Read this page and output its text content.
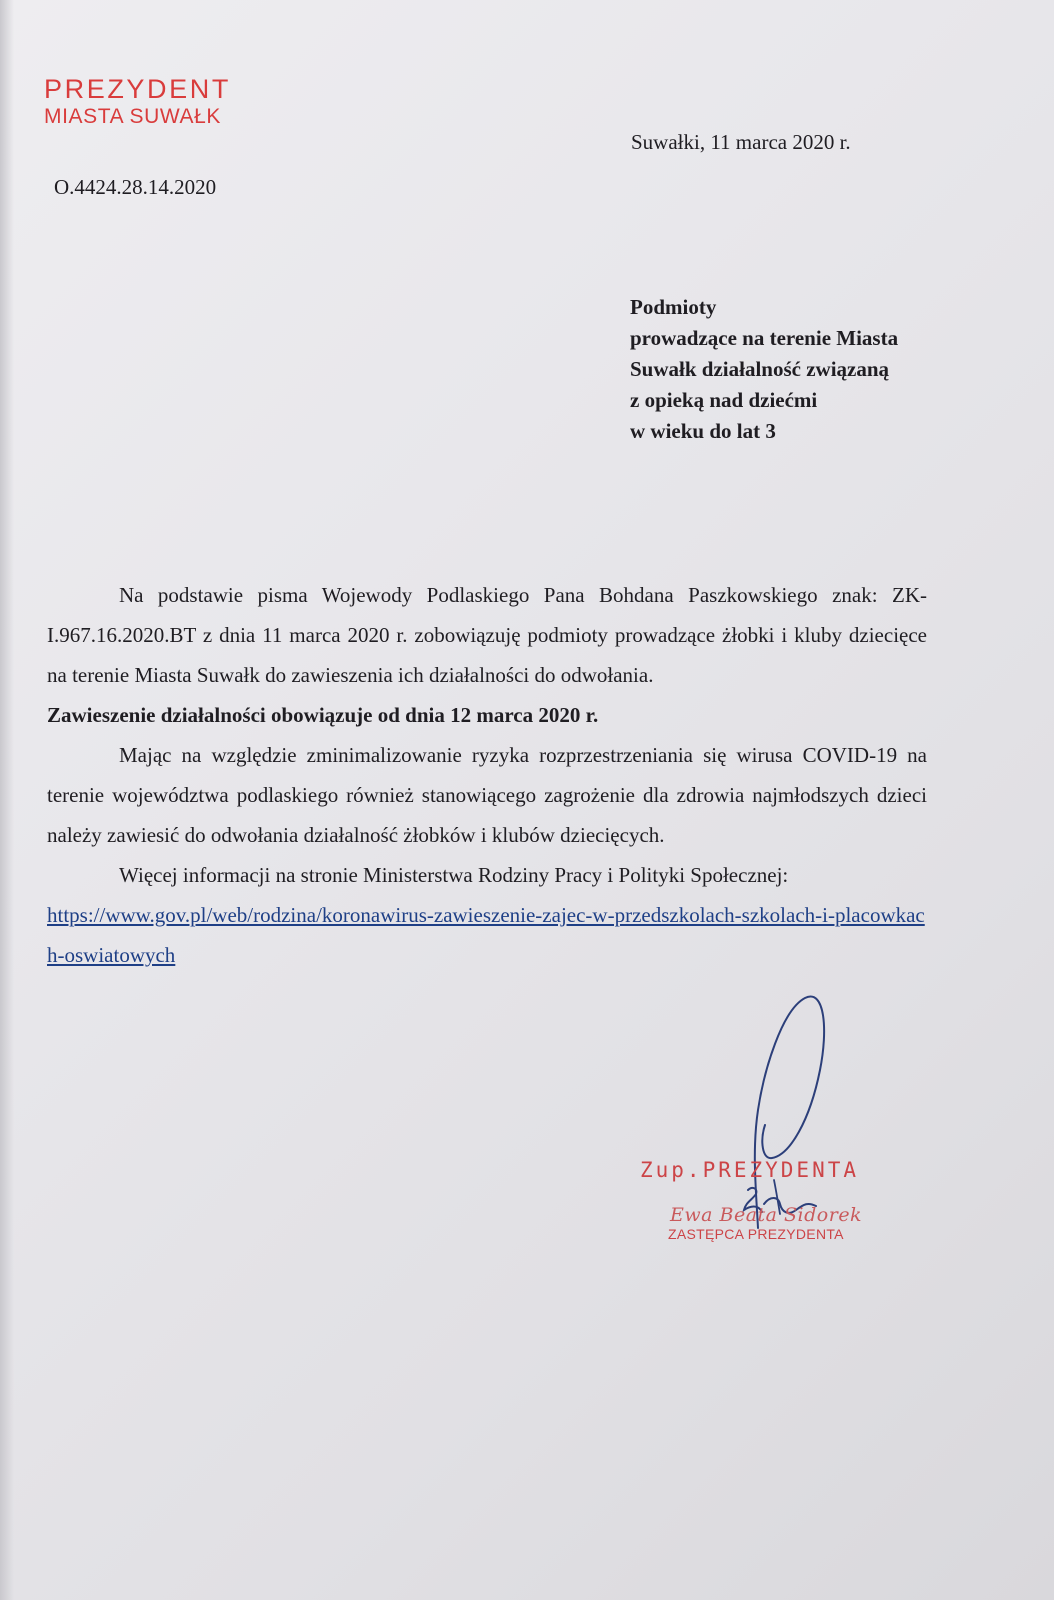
PREZYDENT
MIASTA SUWAŁK
Suwałki, 11 marca 2020 r.
O.4424.28.14.2020
Podmioty
prowadzące na terenie Miasta
Suwałk działalność związaną
z opieką nad dziećmi
w wieku do lat 3

Na podstawie pisma Wojewody Podlaskiego Pana Bohdana Paszkowskiego znak: ZK-I.967.16.2020.BT z dnia 11 marca 2020 r. zobowiązuję podmioty prowadzące żłobki i kluby dziecięce na terenie Miasta Suwałk do zawieszenia ich działalności do odwołania.

Zawieszenie działalności obowiązuje od dnia 12 marca 2020 r.

Mając na względzie zminimalizowanie ryzyka rozprzestrzeniania się wirusa COVID-19 na terenie województwa podlaskiego również stanowiącego zagrożenie dla zdrowia najmłodszych dzieci należy zawiesić do odwołania działalność żłobków i klubów dziecięcych.

Więcej informacji na stronie Ministerstwa Rodziny Pracy i Polityki Społecznej:

https://www.gov.pl/web/rodzina/koronawirus-zawieszenie-zajec-w-przedszkolach-szkolach-i-placowkach-oswiatowych

Zup.PREZYDENTA
Ewa Beata Sidorek
ZASTĘPCA PREZYDENTA
